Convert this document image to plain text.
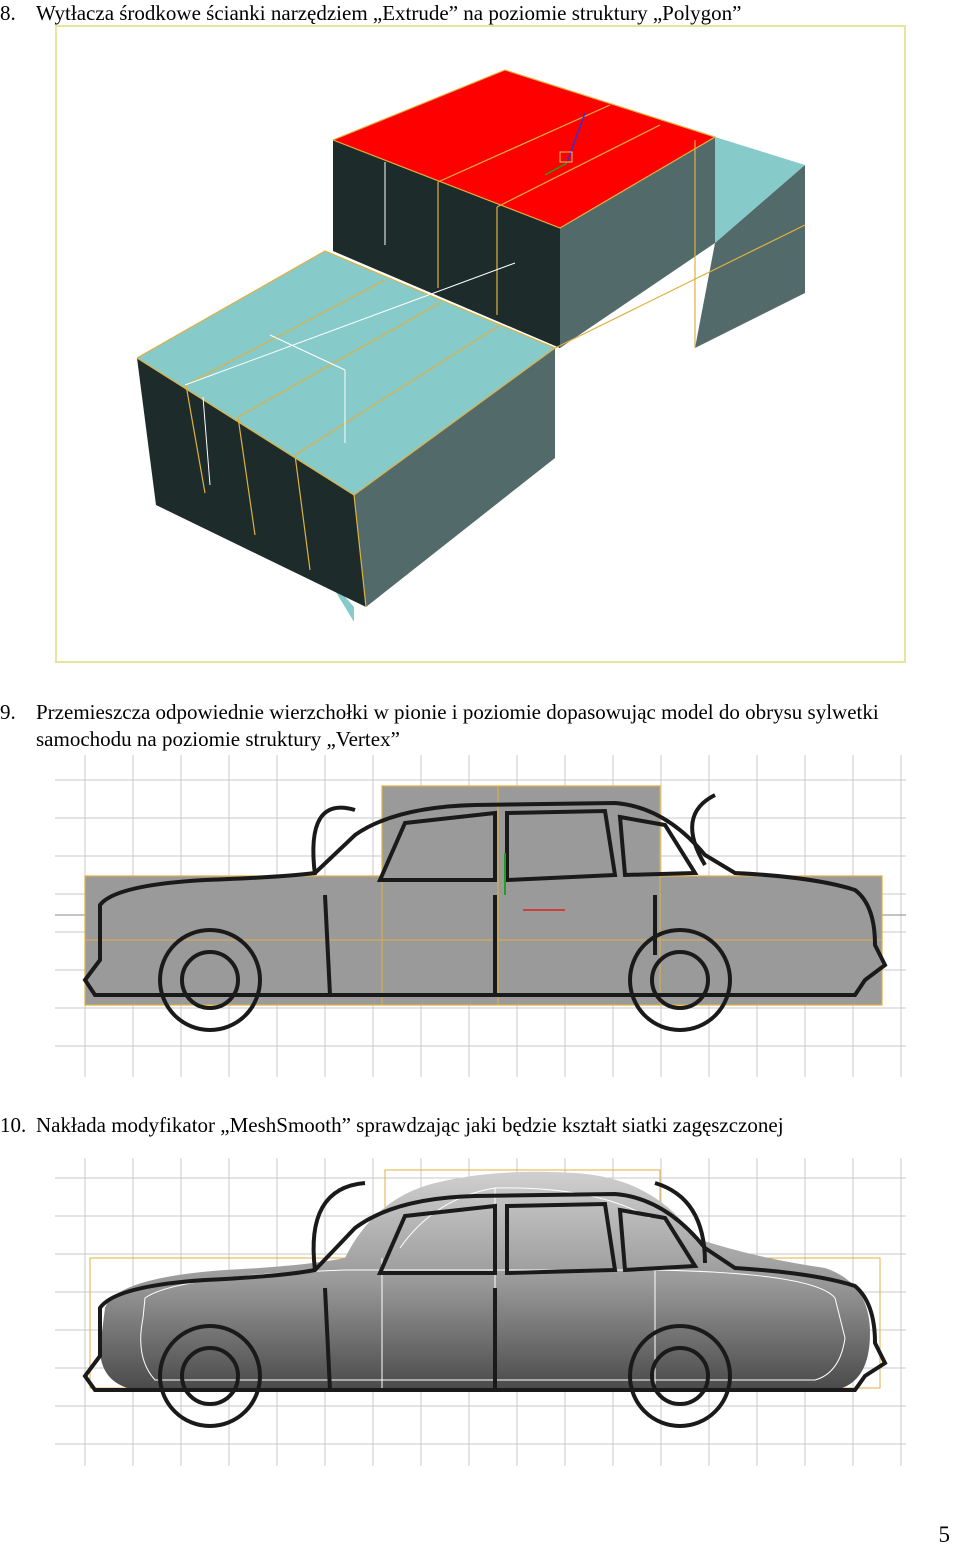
8. Wytłacza środkowe ścianki narzędziem „Extrude” na poziomie struktury „Polygon”
9. Przemieszcza odpowiednie wierzchołki w pionie i poziomie dopasowując model do obrysu sylwetki samochodu na poziomie struktury „Vertex”
10. Nakłada modyfikator „MeshSmooth” sprawdzając jaki będzie kształt siatki zagęszczonej
5
